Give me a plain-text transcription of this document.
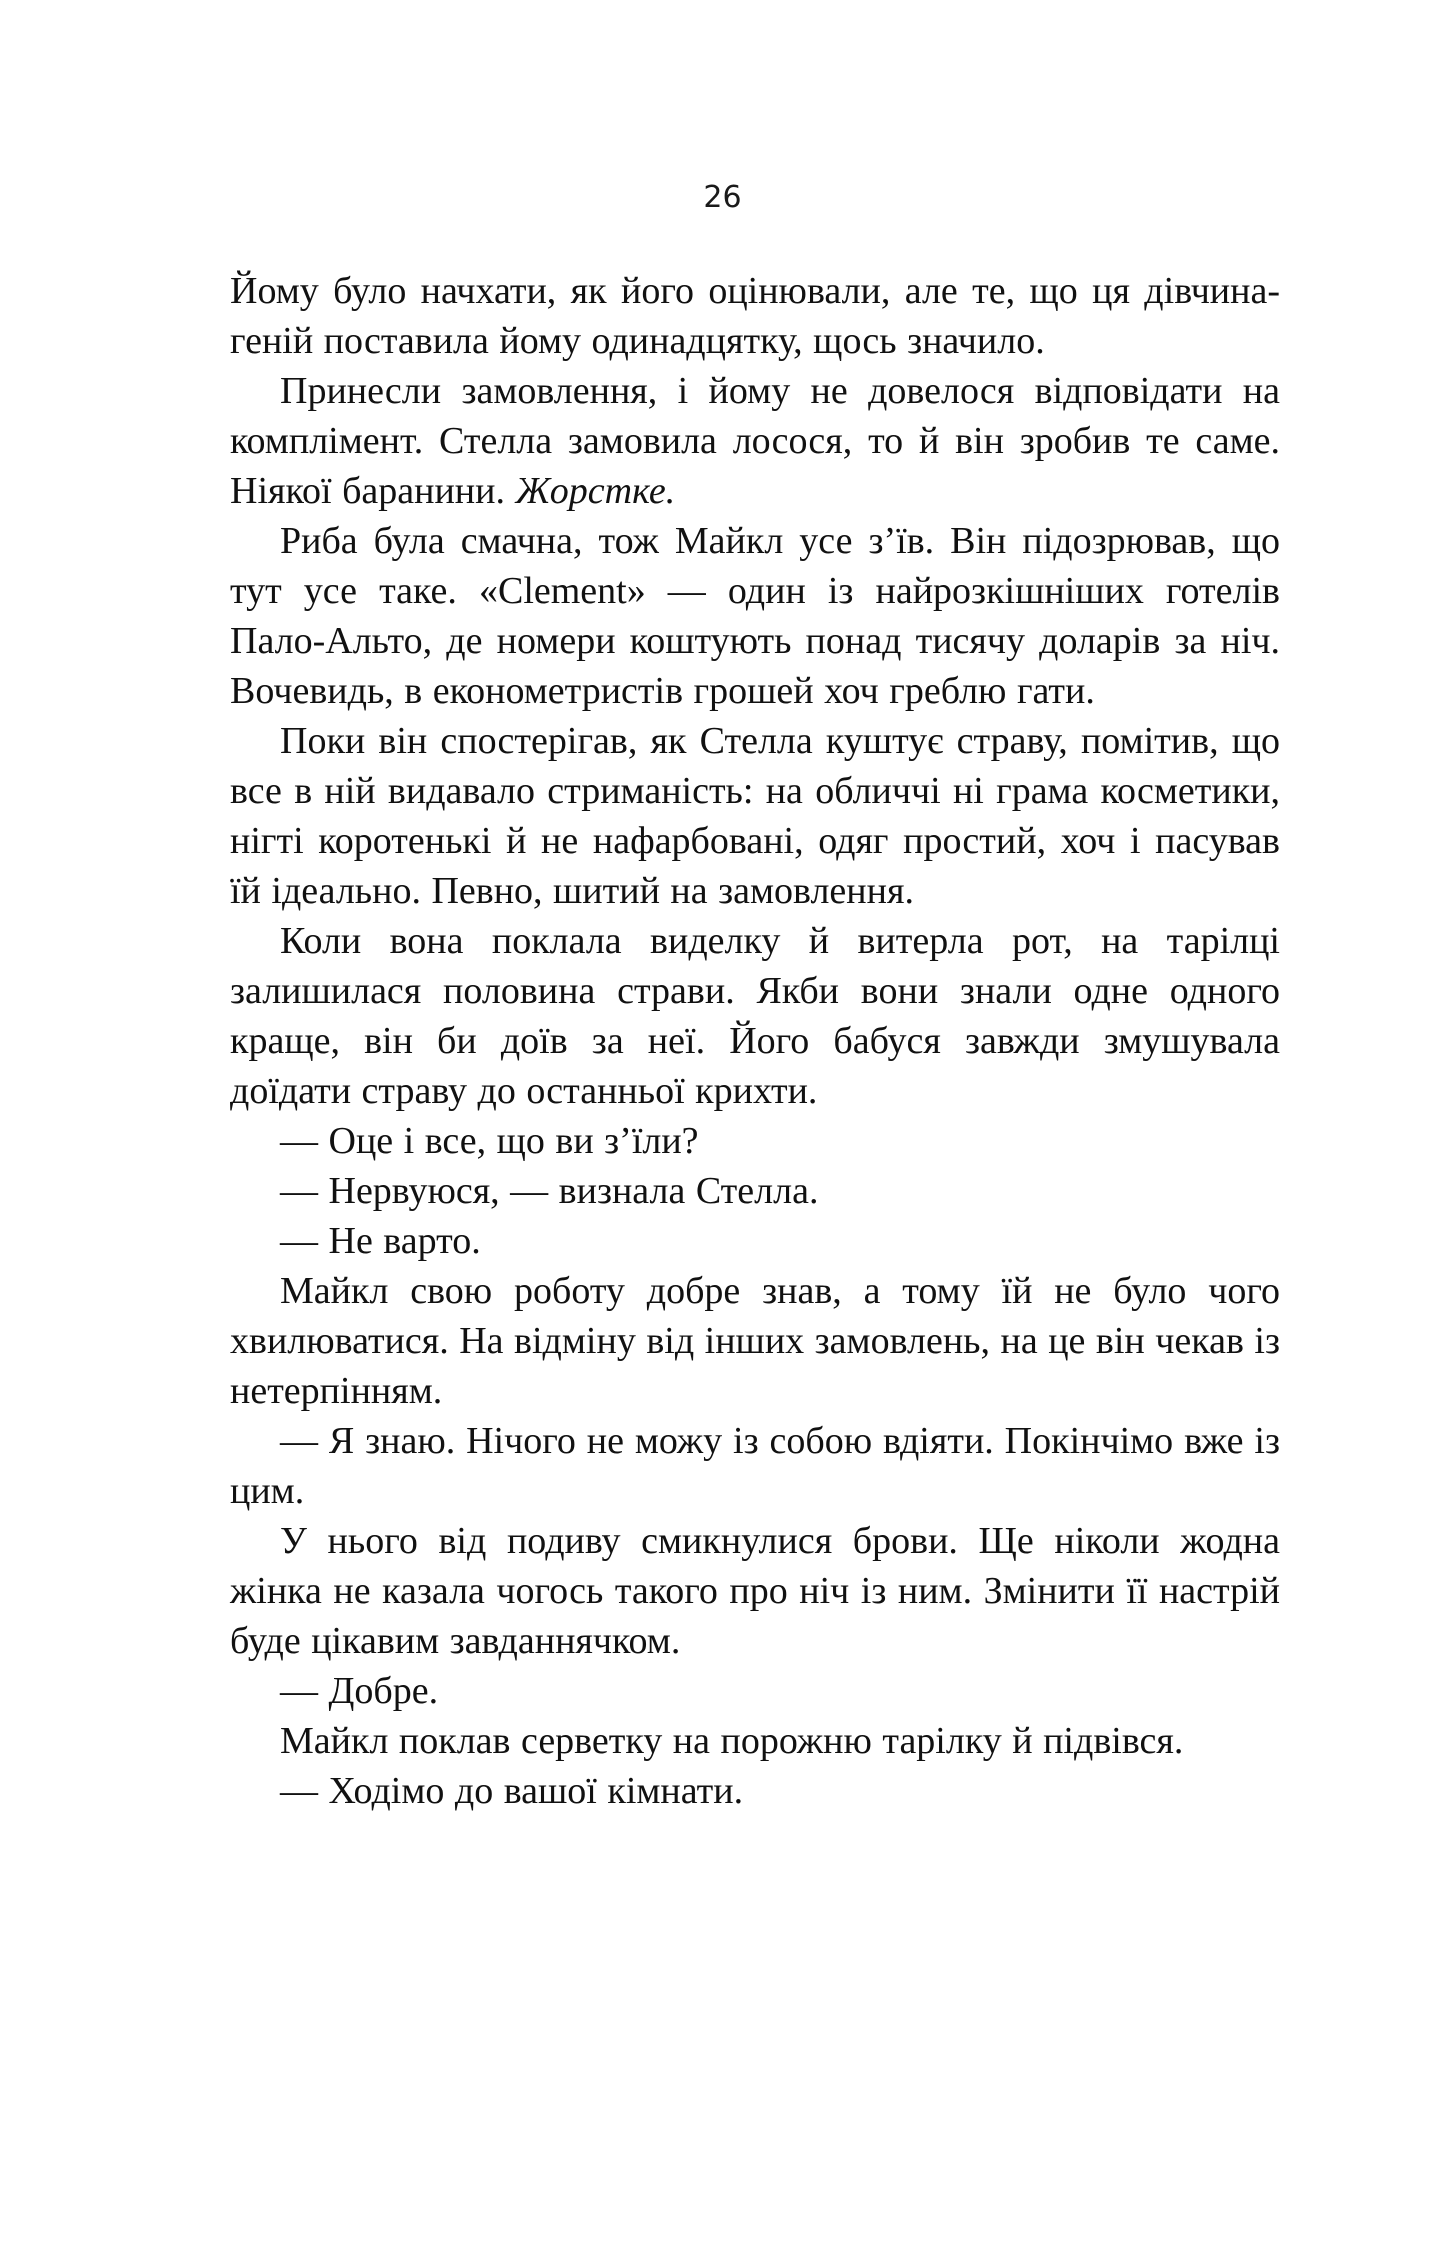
26

Йому було начхати, як його оцінювали, але те, що ця дівчина-геній поставила йому одинадцятку, щось значило.

Принесли замовлення, і йому не довелося відповідати на комплімент. Стелла замовила лосося, то й він зробив те саме. Ніякої баранини. Жорстке.

Риба була смачна, тож Майкл усе з’їв. Він підозрював, що тут усе таке. «Clement» — один із найрозкішніших готелів Пало-Альто, де номери коштують понад тисячу доларів за ніч. Вочевидь, в економетристів грошей хоч греблю гати.

Поки він спостерігав, як Стелла куштує страву, помітив, що все в ній видавало стриманість: на обличчі ні грама косметики, нігті коротенькі й не нафарбовані, одяг простий, хоч і пасував їй ідеально. Певно, шитий на замовлення.

Коли вона поклала виделку й витерла рот, на тарілці залишилася половина страви. Якби вони знали одне одного краще, він би доїв за неї. Його бабуся завжди змушувала доїдати страву до останньої крихти.

— Оце і все, що ви з’їли?

— Нервуюся, — визнала Стелла.

— Не варто.

Майкл свою роботу добре знав, а тому їй не було чого хвилюватися. На відміну від інших замовлень, на це він чекав із нетерпінням.

— Я знаю. Нічого не можу із собою вдіяти. Покінчімо вже із цим.

У нього від подиву смикнулися брови. Ще ніколи жодна жінка не казала чогось такого про ніч із ним. Змінити її настрій буде цікавим завданнячком.

— Добре.

Майкл поклав серветку на порожню тарілку й підвівся.

— Ходімо до вашої кімнати.
